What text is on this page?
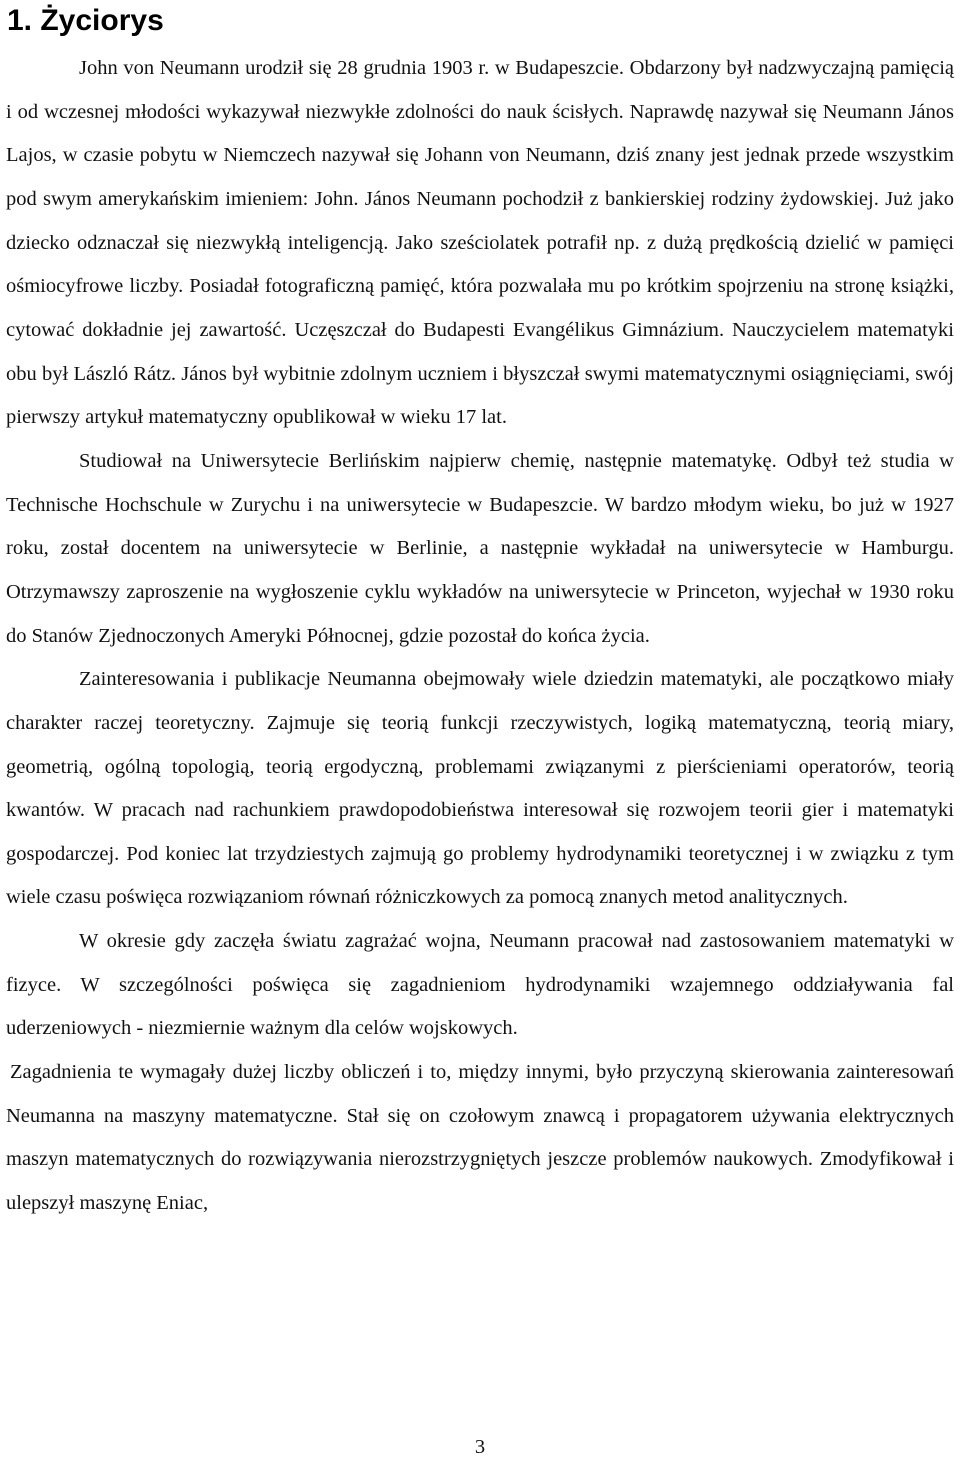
1. Życiorys

John von Neumann urodził się 28 grudnia 1903 r. w Budapeszcie. Obdarzony był nadzwyczajną pamięcią i od wczesnej młodości wykazywał niezwykłe zdolności do nauk ścisłych. Naprawdę nazywał się Neumann János Lajos, w czasie pobytu w Niemczech nazywał się Johann von Neumann, dziś znany jest jednak przede wszystkim pod swym amerykańskim imieniem: John. János Neumann pochodził z bankierskiej rodziny żydowskiej. Już jako dziecko odznaczał się niezwykłą inteligencją. Jako sześciolatek potrafił np. z dużą prędkością dzielić w pamięci ośmiocyfrowe liczby. Posiadał fotograficzną pamięć, która pozwalała mu po krótkim spojrzeniu na stronę książki, cytować dokładnie jej zawartość. Uczęszczał do Budapesti Evangélikus Gimnázium. Nauczycielem matematyki obu był László Rátz. János był wybitnie zdolnym uczniem i błyszczał swymi matematycznymi osiągnięciami, swój pierwszy artykuł matematyczny opublikował w wieku 17 lat.

Studiował na Uniwersytecie Berlińskim najpierw chemię, następnie matematykę. Odbył też studia w Technische Hochschule w Zurychu i na uniwersytecie w Budapeszcie. W bardzo młodym wieku, bo już w 1927 roku, został docentem na uniwersytecie w Berlinie, a następnie wykładał na uniwersytecie w Hamburgu. Otrzymawszy zaproszenie na wygłoszenie cyklu wykładów na uniwersytecie w Princeton, wyjechał w 1930 roku do Stanów Zjednoczonych Ameryki Północnej, gdzie pozostał do końca życia.

Zainteresowania i publikacje Neumanna obejmowały wiele dziedzin matematyki, ale początkowo miały charakter raczej teoretyczny. Zajmuje się teorią funkcji rzeczywistych, logiką matematyczną, teorią miary, geometrią, ogólną topologią, teorią ergodyczną, problemami związanymi z pierścieniami operatorów, teorią kwantów. W pracach nad rachunkiem prawdopodobieństwa interesował się rozwojem teorii gier i matematyki gospodarczej. Pod koniec lat trzydziestych zajmują go problemy hydrodynamiki teoretycznej i w związku z tym wiele czasu poświęca rozwiązaniom równań różniczkowych za pomocą znanych metod analitycznych.

W okresie gdy zaczęła światu zagrażać wojna, Neumann pracował nad zastosowaniem matematyki w fizyce. W szczególności poświęca się zagadnieniom hydrodynamiki wzajemnego oddziaływania fal uderzeniowych - niezmiernie ważnym dla celów wojskowych.

Zagadnienia te wymagały dużej liczby obliczeń i to, między innymi, było przyczyną skierowania zainteresowań Neumanna na maszyny matematyczne. Stał się on czołowym znawcą i propagatorem używania elektrycznych maszyn matematycznych do rozwiązywania nierozstrzygniętych jeszcze problemów naukowych. Zmodyfikował i ulepszył maszynę Eniac,

3
